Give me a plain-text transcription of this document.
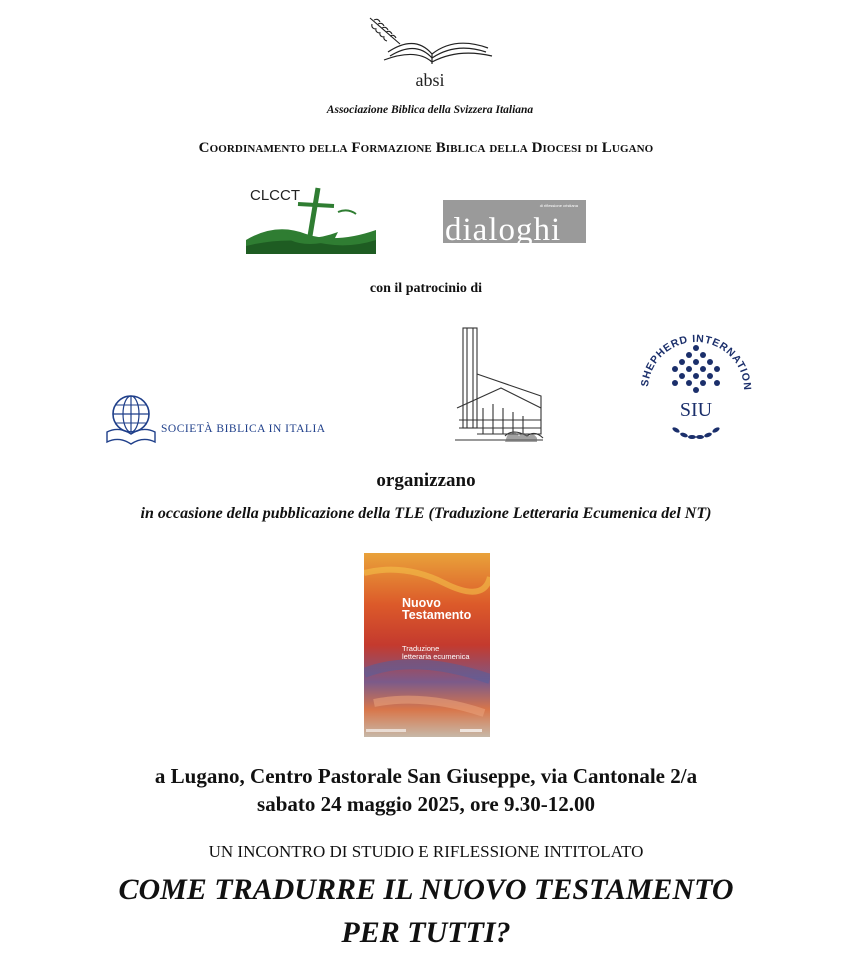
absi
Associazione Biblica della Svizzera Italiana
Coordinamento della Formazione Biblica della Diocesi di Lugano
CLCCT
di riflessione cristiana
dialoghi
con il patrocinio di
SOCIETÀ BIBLICA IN ITALIA
SHEPHERD INTERNATION
SIU
organizzano
in occasione della pubblicazione della TLE (Traduzione Letteraria Ecumenica del NT)
Nuovo
Testamento
Traduzione
letteraria ecumenica
a Lugano, Centro Pastorale San Giuseppe, via Cantonale 2/a
sabato 24 maggio 2025, ore 9.30-12.00
UN INCONTRO DI STUDIO E RIFLESSIONE INTITOLATO
COME TRADURRE IL NUOVO TESTAMENTO
PER TUTTI?
